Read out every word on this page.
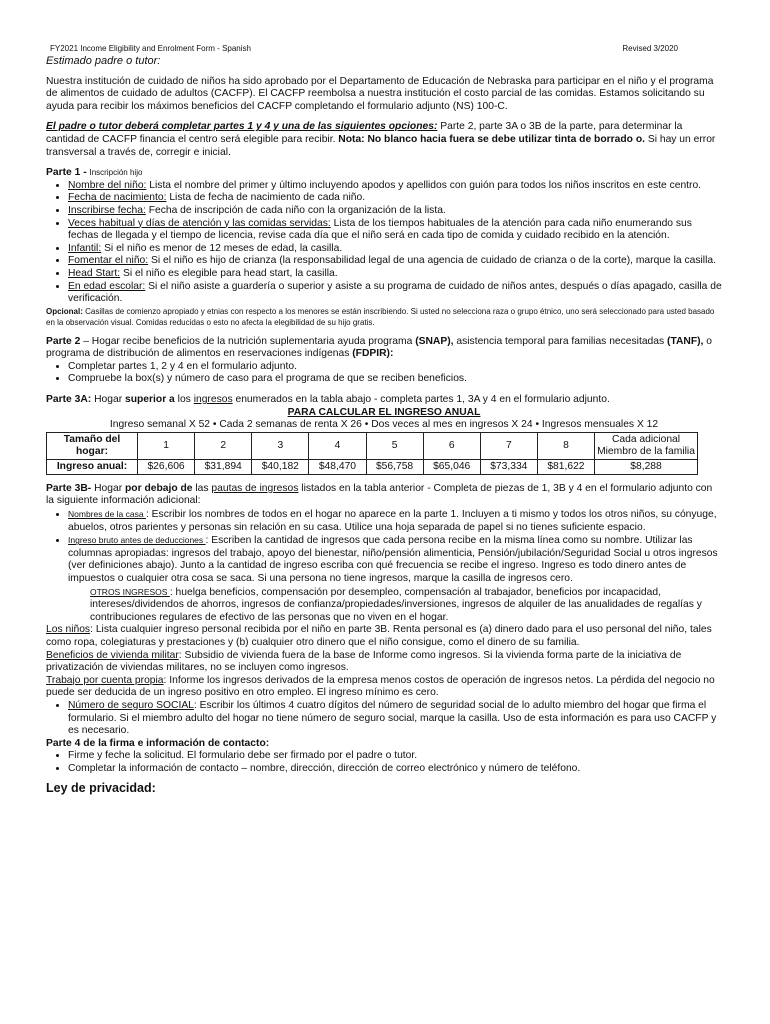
FY2021 Income Eligibility and Enrolment Form - Spanish	Revised 3/2020
Estimado padre o tutor:

Nuestra institución de cuidado de niños ha sido aprobado por el Departamento de Educación de Nebraska para participar en el niño y el programa de alimentos de cuidado de adultos (CACFP). El CACFP reembolsa a nuestra institución el costo parcial de las comidas. Estamos solicitando su ayuda para recibir los máximos beneficios del CACFP completando el formulario adjunto (NS) 100-C.

El padre o tutor deberá completar partes 1 y 4 y una de las siguientes opciones: Parte 2, parte 3A o 3B de la parte, para determinar la cantidad de CACFP financia el centro será elegible para recibir. Nota: No blanco hacia fuera se debe utilizar tinta de borrado o. Si hay un error transversal a través de, corregir e inicial.

Parte 1 - Inscripción hijo

• Nombre del niño: Lista el nombre del primer y último incluyendo apodos y apellidos con guión para todos los niños inscritos en este centro.
• Fecha de nacimiento: Lista de fecha de nacimiento de cada niño.
• Inscribirse fecha: Fecha de inscripción de cada niño con la organización de la lista.
• Veces habitual y días de atención y las comidas servidas: Lista de los tiempos habituales de la atención para cada niño enumerando sus fechas de llegada y el tiempo de licencia, revise cada día que el niño será en cada tipo de comida y cuidado recibido en la atención.
• Infantil: Si el niño es menor de 12 meses de edad, la casilla.
• Fomentar el niño: Si el niño es hijo de crianza (la responsabilidad legal de una agencia de cuidado de crianza o de la corte), marque la casilla.
• Head Start: Si el niño es elegible para head start, la casilla.
• En edad escolar: Si el niño asiste a guardería o superior y asiste a su programa de cuidado de niños antes, después o días apagado, casilla de verificación.

Opcional: Casillas de comienzo apropiado y etnias con respecto a los menores se están inscribiendo. Si usted no selecciona raza o grupo étnico, uno será seleccionado para usted basado en la observación visual. Comidas reducidas o esto no afecta la elegibilidad de su hijo gratis.

Parte 2 – Hogar recibe beneficios de la nutrición suplementaria ayuda programa (SNAP), asistencia temporal para familias necesitadas (TANF), o programa de distribución de alimentos en reservaciones indígenas (FDPIR):

• Completar partes 1, 2 y 4 en el formulario adjunto.
• Compruebe la box(s) y número de caso para el programa de que se reciben beneficios.

Parte 3A: Hogar superior a los ingresos enumerados en la tabla abajo - completa partes 1, 3A y 4 en el formulario adjunto.

PARA CALCULAR EL INGRESO ANUAL

Ingreso semanal X 52 • Cada 2 semanas de renta X 26 • Dos veces al mes en ingresos X 24 • Ingresos mensuales X 12

Tamaño del hogar:	1	2	3	4	5	6	7	8	Cada adicional Miembro de la familia
Ingreso anual:	$26,606	$31,894	$40,182	$48,470	$56,758	$65,046	$73,334	$81,622	$8,288

Parte 3B- Hogar por debajo de las pautas de ingresos listados en la tabla anterior - Completa de piezas de 1, 3B y 4 en el formulario adjunto con la siguiente información adicional:

• Nombres de la casa : Escribir los nombres de todos en el hogar no aparece en la parte 1. Incluyen a ti mismo y todos los otros niños, su cónyuge, abuelos, otros parientes y personas sin relación en su casa. Utilice una hoja separada de papel si no tienes suficiente espacio.
• Ingreso bruto antes de deducciones : Escriben la cantidad de ingresos que cada persona recibe en la misma línea como su nombre. Utilizar las columnas apropiadas: ingresos del trabajo, apoyo del bienestar, niño/pensión alimenticia, Pensión/jubilación/Seguridad Social u otros ingresos (ver definiciones abajo). Junto a la cantidad de ingreso escriba con qué frecuencia se recibe el ingreso. Ingreso es todo dinero antes de impuestos o cualquier otra cosa se saca. Si una persona no tiene ingresos, marque la casilla de ingresos cero.

OTROS INGRESOS : huelga beneficios, compensación por desempleo, compensación al trabajador, beneficios por incapacidad, intereses/dividendos de ahorros, ingresos de confianza/propiedades/inversiones, ingresos de alquiler de las anualidades de regalías y contribuciones regulares de efectivo de las personas que no viven en el hogar.

Los niños: Lista cualquier ingreso personal recibida por el niño en parte 3B. Renta personal es (a) dinero dado para el uso personal del niño, tales como ropa, colegiaturas y prestaciones y (b) cualquier otro dinero que el niño consigue, como el dinero de su familia.

Beneficios de vivienda militar: Subsidio de vivienda fuera de la base de Informe como ingresos. Si la vivienda forma parte de la iniciativa de privatización de viviendas militares, no se incluyen como ingresos.

Trabajo por cuenta propia: Informe los ingresos derivados de la empresa menos costos de operación de ingresos netos. La pérdida del negocio no puede ser deducida de un ingreso positivo en otro empleo. El ingreso mínimo es cero.

• Número de seguro SOCIAL: Escribir los últimos 4 cuatro dígitos del número de seguridad social de lo adulto miembro del hogar que firma el formulario. Si el miembro adulto del hogar no tiene número de seguro social, marque la casilla. Uso de esta información es para uso CACFP y es necesario.

Parte 4 de la firma e información de contacto:

• Firme y feche la solicitud. El formulario debe ser firmado por el padre o tutor.
• Completar la información de contacto – nombre, dirección, dirección de correo electrónico y número de teléfono.

Ley de privacidad:
